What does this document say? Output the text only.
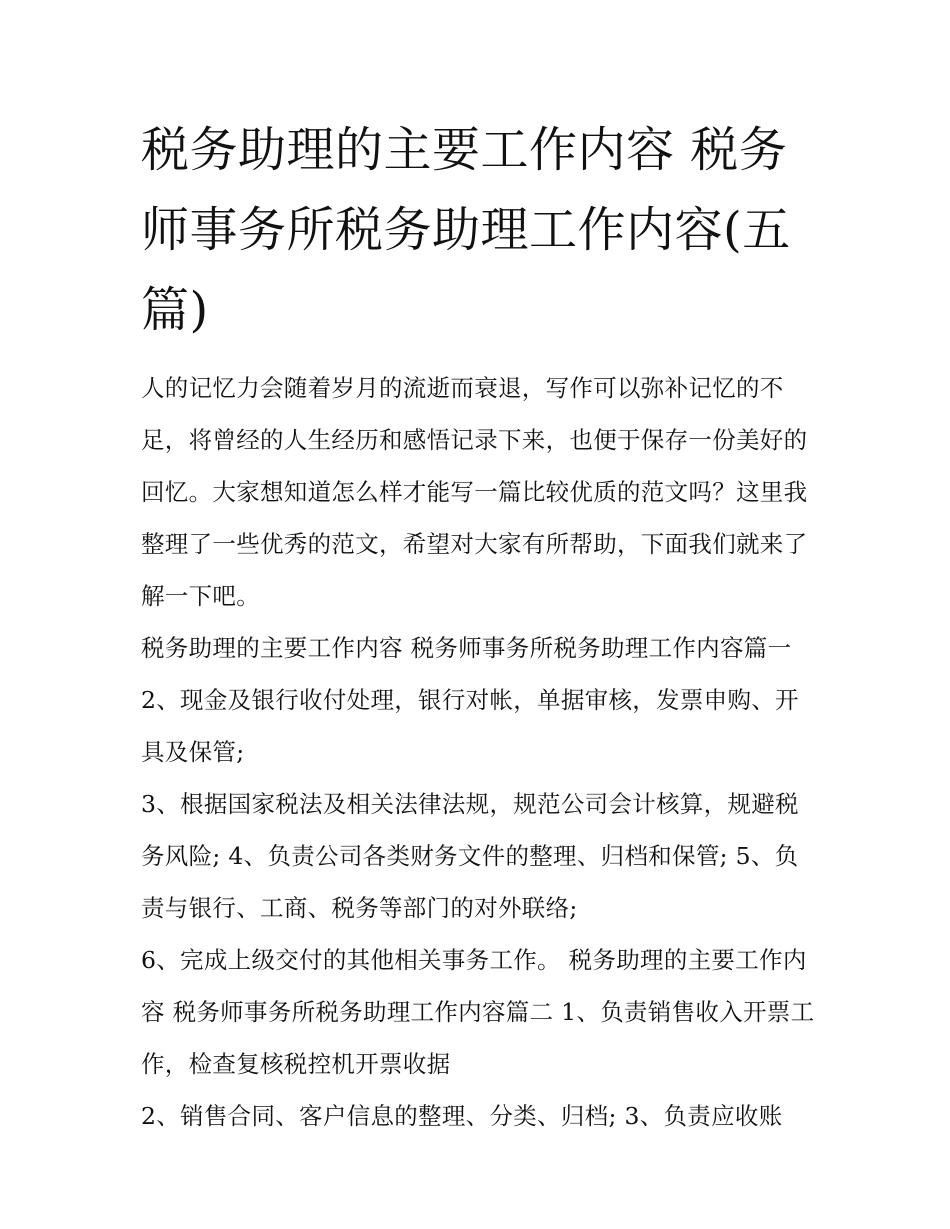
税务助理的主要工作内容 税务师事务所税务助理工作内容(五篇)

人的记忆力会随着岁月的流逝而衰退，写作可以弥补记忆的不足，将曾经的人生经历和感悟记录下来，也便于保存一份美好的回忆。大家想知道怎么样才能写一篇比较优质的范文吗？这里我整理了一些优秀的范文，希望对大家有所帮助，下面我们就来了解一下吧。

税务助理的主要工作内容 税务师事务所税务助理工作内容篇一 2、现金及银行收付处理，银行对帐，单据审核，发票申购、开具及保管;

3、根据国家税法及相关法律法规，规范公司会计核算，规避税务风险; 4、负责公司各类财务文件的整理、归档和保管; 5、负责与银行、工商、税务等部门的对外联络;

6、完成上级交付的其他相关事务工作。 税务助理的主要工作内容 税务师事务所税务助理工作内容篇二 1、负责销售收入开票工作，检查复核税控机开票收据

2、销售合同、客户信息的整理、分类、归档; 3、负责应收账
